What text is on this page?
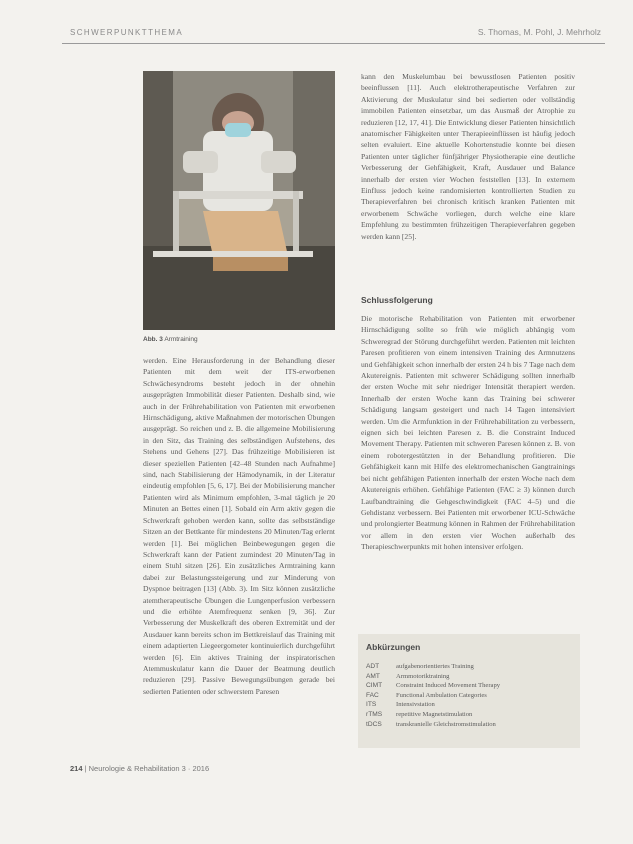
SCHWERPUNKTTHEMA	S. Thomas, M. Pohl, J. Mehrholz
Abb. 3 Armtraining

werden. Eine Herausforderung in der Behandlung dieser Patienten mit dem weit der ITS-erworbenen Schwächesyndroms besteht jedoch in der ohnehin ausgeprägten Immobilität dieser Patienten. Deshalb sind, wie auch in der Frührehabilitation von Patienten mit erworbenen Hirnschädigung, aktive Maßnahmen der motorischen Übungen ausgeprägt. So reichen und z. B. die allgemeine Mobilisierung in den Sitz, das Training des selbständigen Aufstehens, des Stehens und Gehens [27]. Das frühzeitige Mobilisieren ist dieser speziellen Patienten [42–48 Stunden nach Aufnahme] sind, nach Stabilisierung der Hämodynamik, in der Literatur eindeutig empfohlen [5, 6, 17]. Bei der Mobilisierung mancher Patienten wird als Minimum empfohlen, 3-mal täglich je 20 Minuten an Bettes einen [1]. Sobald ein Arm aktiv gegen die Schwerkraft gehoben werden kann, sollte das selbstständige Sitzen an der Bettkante für mindestens 20 Minuten/Tag erlernt werden [1]. Bei möglichen Beinbewegungen gegen die Schwerkraft kann der Patient zumindest 20 Minuten/Tag in einem Stuhl sitzen [26]. Ein zusätzliches Armtraining kann dabei zur Belastungssteigerung und zur Minderung von Dyspnoe beitragen [13] (Abb. 3). Im Sitz können zusätzliche atemtherapeutische Übungen die Lungenperfusion verbessern und die erhöhte Atemfrequenz senken [9, 36]. Zur Verbesserung der Muskelkraft des oberen Extremität und der Ausdauer kann bereits schon im Bettkreislauf das Training mit einem adaptierten Liegeergometer kontinuierlich durchgeführt werden [6]. Ein aktives Training der inspiratorischen Atemmuskulatur kann die Dauer der Beatmung deutlich reduzieren [29]. Passive Bewegungsübungen gerade bei sedierten Patienten oder schwerstem Paresen

kann den Muskelumbau bei bewusstlosen Patienten positiv beeinflussen [11]. Auch elektrotherapeutische Verfahren zur Aktivierung der Muskulatur sind bei sedierten oder vollständig immobilen Patienten einsetzbar, um das Ausmaß der Atrophie zu reduzieren [12, 17, 41]. Die Entwicklung dieser Patienten hinsichtlich anatomischer Fähigkeiten unter Therapieeinflüssen ist häufig jedoch selten evaluiert. Eine aktuelle Kohortenstudie konnte bei diesen Patienten unter täglicher fünfjähriger Physiotherapie eine deutliche Verbesserung der Gehfähigkeit, Kraft, Ausdauer und Balance innerhalb der ersten vier Wochen feststellen [13]. In externem Einfluss jedoch keine randomisierten kontrollierten Studien zu Therapieverfahren bei chronisch kritisch kranken Patienten mit erworbenem Schwäche vorliegen, durch welche eine klare Empfehlung zu bestimmten frühzeitigen Therapieverfahren gegeben werden kann [25].

Schlussfolgerung

Die motorische Rehabilitation von Patienten mit erworbener Hirnschädigung sollte so früh wie möglich abhängig vom Schweregrad der Störung durchgeführt werden. Patienten mit leichten Paresen profitieren von einem intensiven Training des Armnutzens und Gehfähigkeit schon innerhalb der ersten 24 h bis 7 Tage nach dem Akutereignis. Patienten mit schwerer Schädigung sollten innerhalb der ersten Woche mit sehr niedriger Intensität therapiert werden. Innerhalb der ersten Woche kann das Training bei schwerer Schädigung langsam gesteigert und nach 14 Tagen intensiviert werden. Um die Armfunktion in der Frührehabilitation zu verbessern, eignen sich bei leichten Paresen z. B. die Constraint Induced Movement Therapy. Patienten mit schweren Paresen können z. B. von einem robotergestützten in der Behandlung profitieren. Die Gehfähigkeit kann mit Hilfe des elektromechanischen Gangtrainings bei nicht gehfähigen Patienten innerhalb der ersten Woche nach dem Akutereignis erhöhen. Gehfähige Patienten (FAC ≥ 3) können durch Laufbandtraining die Gehgeschwindigkeit (FAC 4–5) und die Gehdistanz verbessern. Bei Patienten mit erworbener ICU-Schwäche und prolongierter Beatmung können in Rahmen der Frührehabilitation vor allem in den ersten vier Wochen außerhalb des Therapieschwerpunkts mit hohen intensiver erfolgen.

Abkürzungen
ADT	aufgabenorientiertes Training
AMT	Armmotoriktraining
CIMT	Constraint Induced Movement Therapy
FAC	Functional Ambulation Categories
ITS	Intensivstation
rTMS	repetitive Magnetstimulation
tDCS	transkranielle Gleichstromstimulation
214 | Neurologie & Rehabilitation 3 · 2016
